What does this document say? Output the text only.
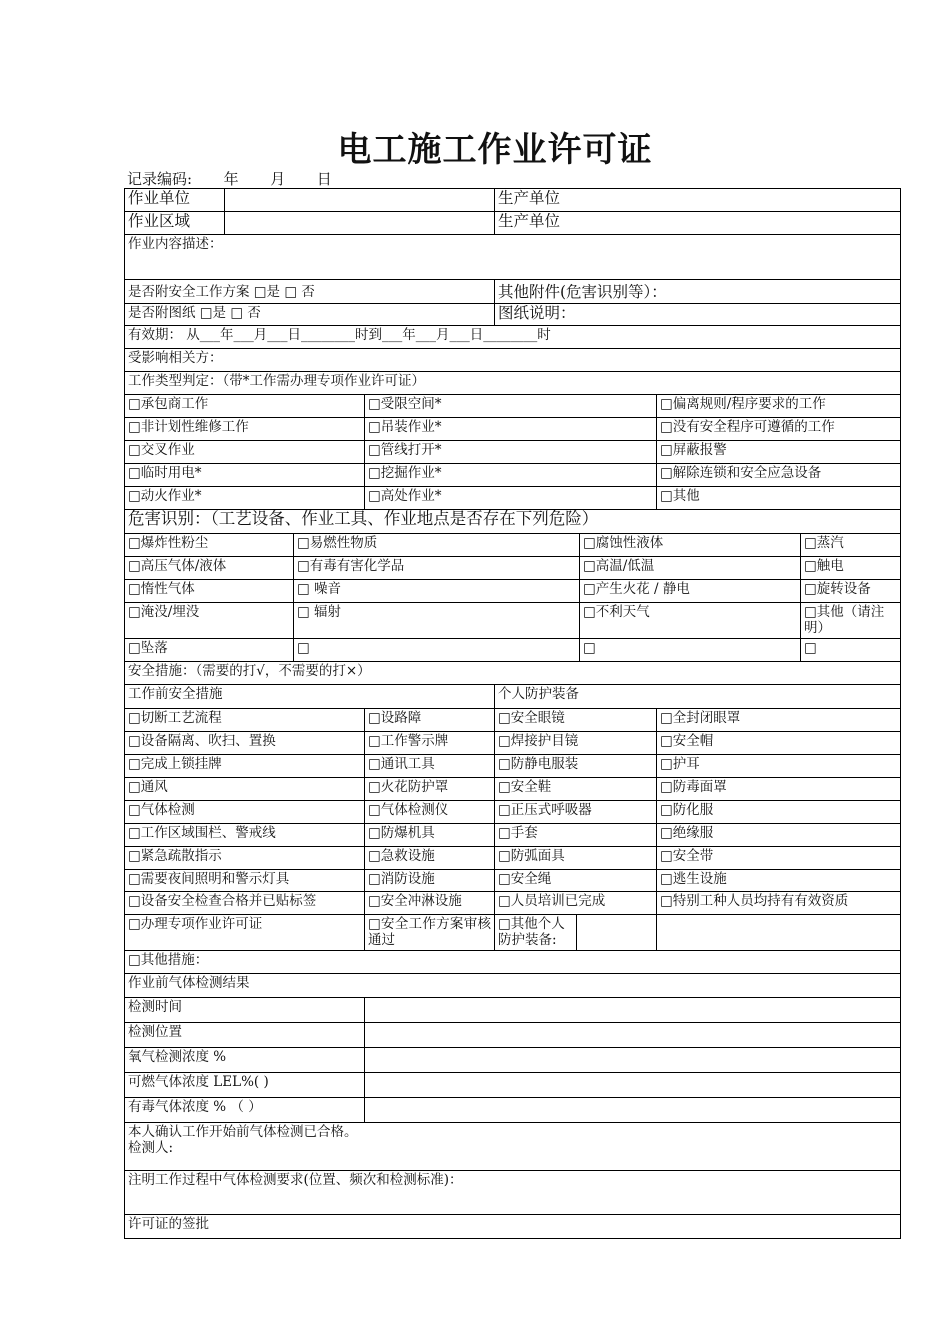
电工施工作业许可证
记录编码: 年 月 日
作业单位		生产单位
作业区域		生产单位
作业内容描述：	
是否附安全工作方案 □是 □ 否	其他附件(危害识别等）：
是否附图纸 □是 □ 否	图纸说明：
有效期： 从___年___月___日________时到___年___月___日________时	
受影响相关方：	
工作类型判定：（带*工作需办理专项作业许可证）	
□承包商工作	□受限空间*	□偏离规则/程序要求的工作
□非计划性维修工作	□吊装作业*	□没有安全程序可遵循的工作
□交叉作业	□管线打开*	□屏蔽报警
□临时用电*	□挖掘作业*	□解除连锁和安全应急设备
□动火作业*	□高处作业*	□其他
危害识别：（工艺设备、作业工具、作业地点是否存在下列危险）			
□爆炸性粉尘	□易燃性物质	□腐蚀性液体	□蒸汽
□高压气体/液体	□有毒有害化学品	□高温/低温	□触电
□惰性气体	□ 噪音	□产生火花 / 静电	□旋转设备
□淹没/埋没	□ 辐射	□不利天气	□其他（请注明）
□坠落	□	□	□
安全措施：（需要的打√，不需要的打×）				
工作前安全措施		个人防护装备		
□切断工艺流程	□设路障	□安全眼镜		□全封闭眼罩
□设备隔离、吹扫、置换	□工作警示牌	□焊接护目镜		□安全帽
□完成上锁挂牌	□通讯工具	□防静电服装		□护耳
□通风	□火花防护罩	□安全鞋		□防毒面罩
□气体检测	□气体检测仪	□正压式呼吸器		□防化服
□工作区域围栏、警戒线	□防爆机具	□手套		□绝缘服
□紧急疏散指示	□急救设施	□防弧面具		□安全带
□需要夜间照明和警示灯具	□消防设施	□安全绳		□逃生设施
□设备安全检查合格并已贴标签	□安全冲淋设施	□人员培训已完成		□特别工种人员均持有有效资质
□办理专项作业许可证	□安全工作方案审核通过	□其他个人防护装备:		
□其他措施：				
作业前气体检测结果	
检测时间	
检测位置	
氧气检测浓度 %	
可燃气体浓度 LEL%( )	
有毒气体浓度 % （ ）	

本人确认工作开始前气体检测已合格。
检测人:	

注明工作过程中气体检测要求(位置、频次和检测标准)：	
许可证的签批	
